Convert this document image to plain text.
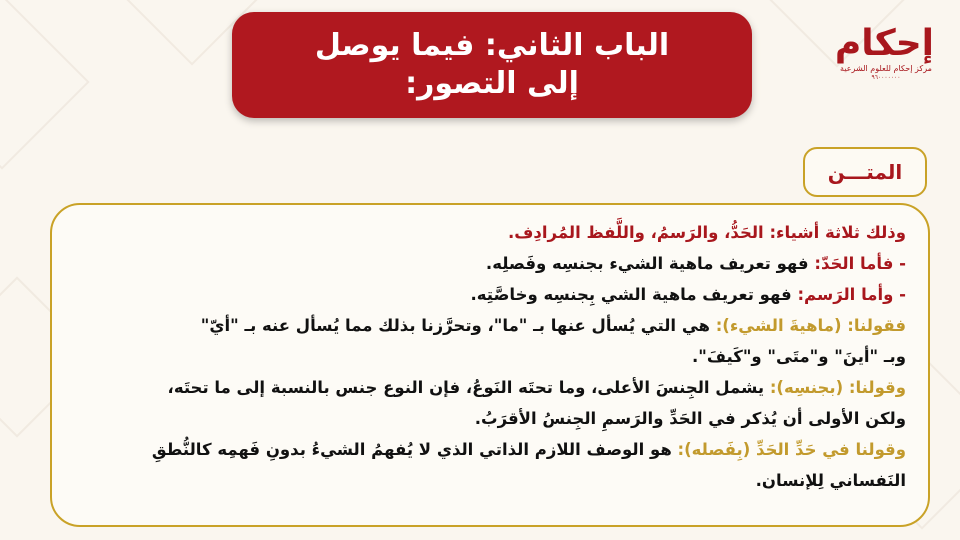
الباب الثاني: فيما يوصل
إلى التصور:
إحكام
مركز إحكام للعلوم الشرعية
٩٦٠٠٠٠٠٠٠
المتـــن
وذلك ثلاثة أشياء: الحَدُّ، والرَسمُ، واللَّفظ المُرادِف.
- فأما الحَدّ: فهو تعريف ماهية الشيء بجنسِه وفَصلِه.
- وأما الرَسم: فهو تعريف ماهية الشي بِجنسِه وخاصَّتِه.
فقولنا: (ماهيةَ الشيء): هي التي يُسأل عنها بـ "ما"، وتحرَّزنا بذلك مما يُسأل عنه بـ "أيّ"
وبـ "أينَ" و"متَى" و"كَيفَ".
وقولنا: (بجنسِه): يشمل الجِنسَ الأعلى، وما تحتَه النَوعُ، فإن النوع جنس بالنسبة إلى ما تحتَه،
ولكن الأولى أن يُذكر في الحَدِّ والرَسمِ الجِنسُ الأقرَبُ.
وقولنا في حَدِّ الحَدِّ (بِفَصله): هو الوصف اللازم الذاتي الذي لا يُفهمُ الشيءُ بدونِ فَهمِه كالنُّطقِ
النَفساني لِلإنسان.
